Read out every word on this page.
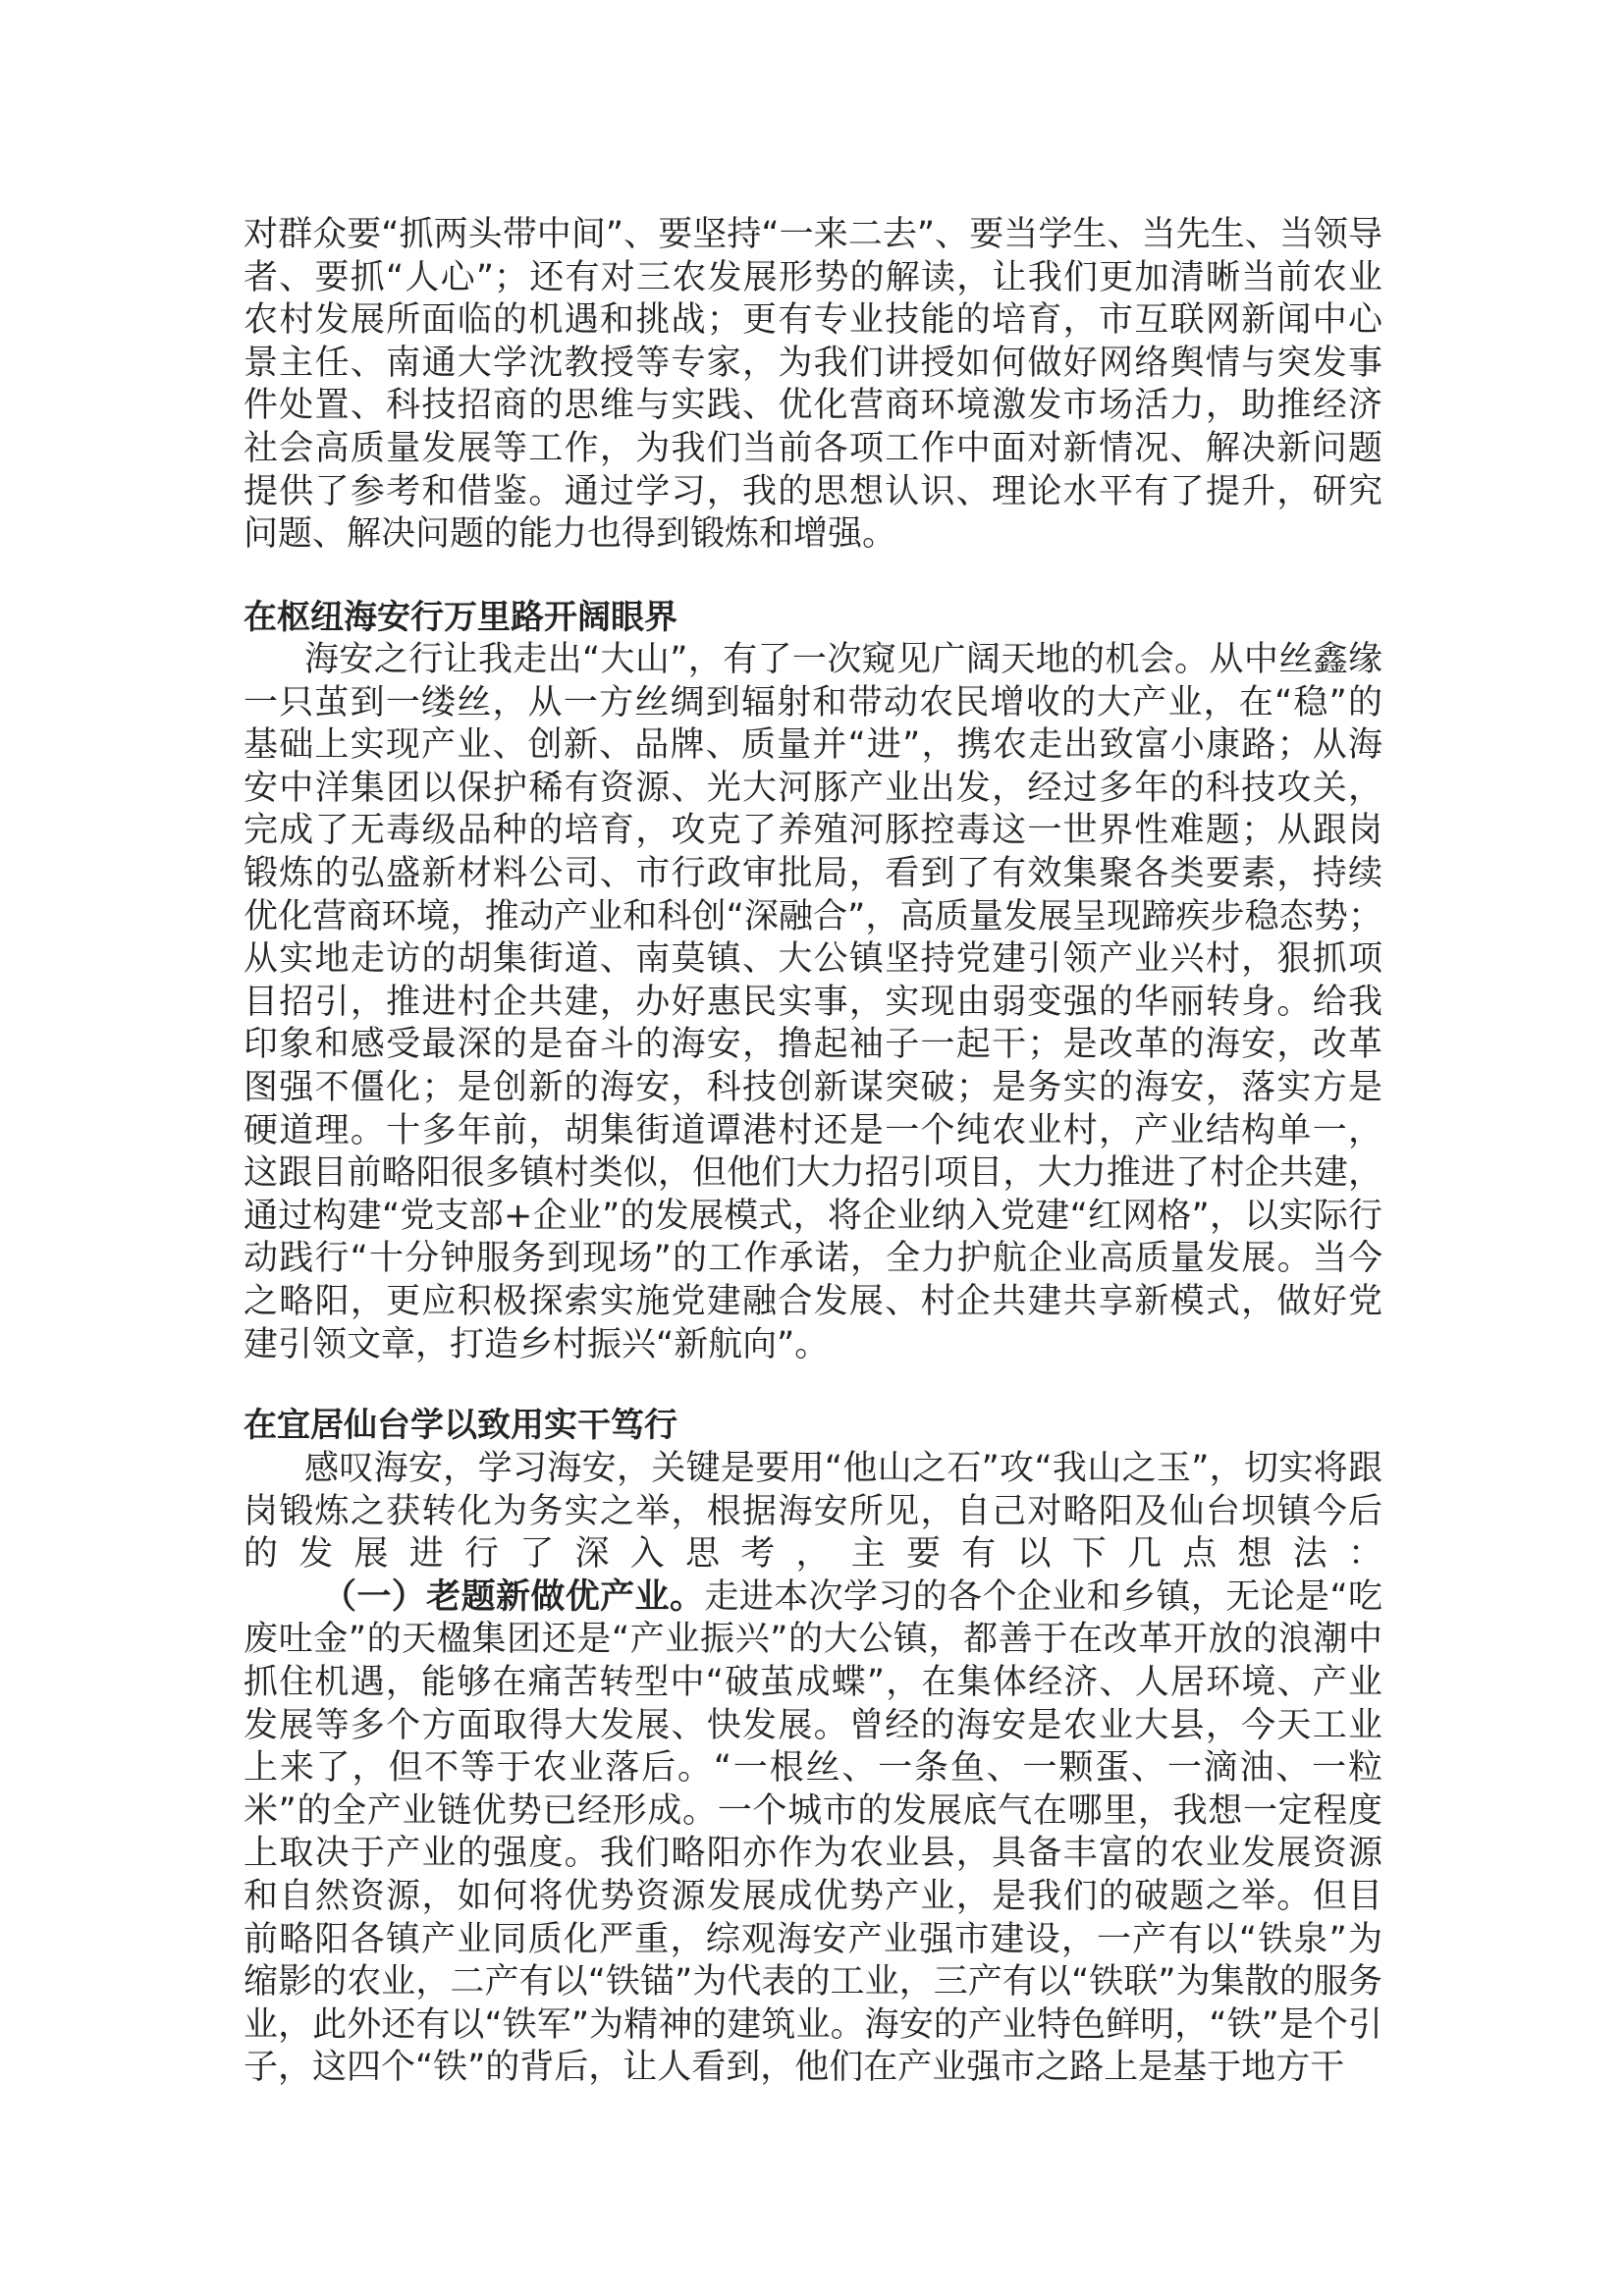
对群众要“抓两头带中间”、要坚持“一来二去”、要当学生、当先生、当领导
者、要抓“人心”；还有对三农发展形势的解读，让我们更加清晰当前农业
农村发展所面临的机遇和挑战；更有专业技能的培育，市互联网新闻中心
景主任、南通大学沈教授等专家，为我们讲授如何做好网络舆情与突发事
件处置、科技招商的思维与实践、优化营商环境激发市场活力，助推经济
社会高质量发展等工作，为我们当前各项工作中面对新情况、解决新问题
提供了参考和借鉴。通过学习，我的思想认识、理论水平有了提升，研究
问题、解决问题的能力也得到锻炼和增强。
在枢纽海安行万里路开阔眼界
海安之行让我走出“大山”，有了一次窥见广阔天地的机会。从中丝鑫缘
一只茧到一缕丝，从一方丝绸到辐射和带动农民增收的大产业，在“稳”的
基础上实现产业、创新、品牌、质量并“进”，携农走出致富小康路；从海
安中洋集团以保护稀有资源、光大河豚产业出发，经过多年的科技攻关，
完成了无毒级品种的培育，攻克了养殖河豚控毒这一世界性难题；从跟岗
锻炼的弘盛新材料公司、市行政审批局，看到了有效集聚各类要素，持续
优化营商环境，推动产业和科创“深融合”，高质量发展呈现蹄疾步稳态势；
从实地走访的胡集街道、南莫镇、大公镇坚持党建引领产业兴村，狠抓项
目招引，推进村企共建，办好惠民实事，实现由弱变强的华丽转身。给我
印象和感受最深的是奋斗的海安，撸起袖子一起干；是改革的海安，改革
图强不僵化；是创新的海安，科技创新谋突破；是务实的海安，落实方是
硬道理。十多年前，胡集街道谭港村还是一个纯农业村，产业结构单一，
这跟目前略阳很多镇村类似，但他们大力招引项目，大力推进了村企共建，
通过构建“党支部+企业”的发展模式，将企业纳入党建“红网格”，以实际行
动践行“十分钟服务到现场”的工作承诺，全力护航企业高质量发展。当今
之略阳，更应积极探索实施党建融合发展、村企共建共享新模式，做好党
建引领文章，打造乡村振兴“新航向”。
在宜居仙台学以致用实干笃行
感叹海安，学习海安，关键是要用“他山之石”攻“我山之玉”，切实将跟
岗锻炼之获转化为务实之举，根据海安所见，自己对略阳及仙台坝镇今后
的发展进行了深入思考，主要有以下几点想法：
（一）老题新做优产业。走进本次学习的各个企业和乡镇，无论是“吃
废吐金”的天楹集团还是“产业振兴”的大公镇，都善于在改革开放的浪潮中
抓住机遇，能够在痛苦转型中“破茧成蝶”，在集体经济、人居环境、产业
发展等多个方面取得大发展、快发展。曾经的海安是农业大县，今天工业
上来了，但不等于农业落后。“一根丝、一条鱼、一颗蛋、一滴油、一粒
米”的全产业链优势已经形成。一个城市的发展底气在哪里，我想一定程度
上取决于产业的强度。我们略阳亦作为农业县，具备丰富的农业发展资源
和自然资源，如何将优势资源发展成优势产业，是我们的破题之举。但目
前略阳各镇产业同质化严重，综观海安产业强市建设，一产有以“铁泉”为
缩影的农业，二产有以“铁锚”为代表的工业，三产有以“铁联”为集散的服务
业，此外还有以“铁军”为精神的建筑业。海安的产业特色鲜明，“铁”是个引
子，这四个“铁”的背后，让人看到，他们在产业强市之路上是基于地方干
